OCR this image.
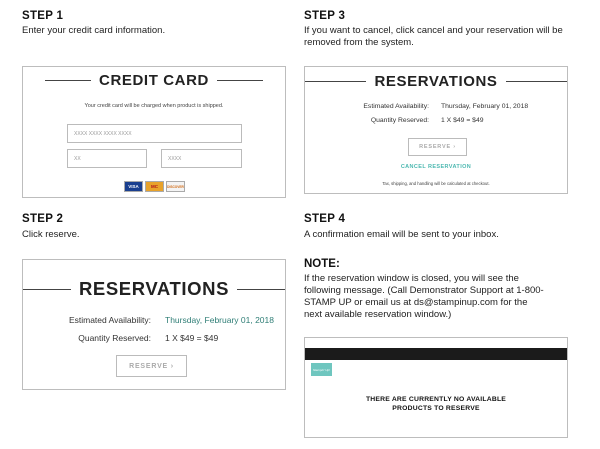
STEP 1
Enter your credit card information.
CREDIT CARD
Your credit card will be charged when product is shipped.
XXXX XXXX XXXX XXXX
XX	XXXX
VISA	MC	DISCOVER
STEP 2
Click reserve.
RESERVATIONS
Estimated Availability: Thursday, February 01, 2018
Quantity Reserved: 1 X $49 = $49
RESERVE ›
STEP 3
If you want to cancel, click cancel and your reservation will be removed from the system.
RESERVATIONS
Estimated Availability: Thursday, February 01, 2018
Quantity Reserved: 1 X $49 = $49
RESERVE ›
CANCEL RESERVATION
Tax, shipping, and handling will be calculated at checkout.
STEP 4
A confirmation email will be sent to your inbox.
NOTE:
If the reservation window is closed, you will see the following message. (Call Demonstrator Support at 1-800-STAMP UP or email us at ds@stampinup.com for the next available reservation window.)
Stampin' Up!
THERE ARE CURRENTLY NO AVAILABLE
PRODUCTS TO RESERVE
